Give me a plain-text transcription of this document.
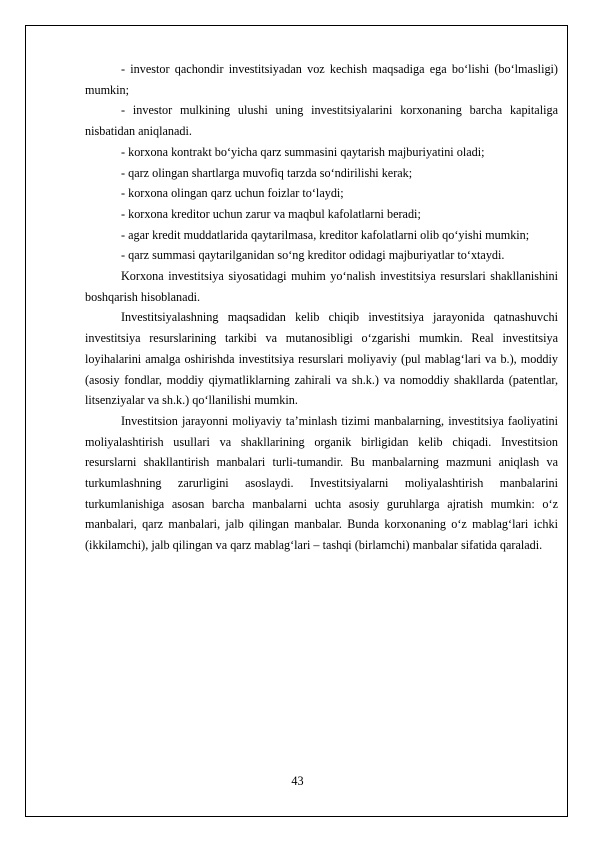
- investor qachondir investitsiyadan voz kechish maqsadiga ega bo‘lishi (bo‘lmasligi) mumkin;

- investor mulkining ulushi uning investitsiyalarini korxonaning barcha kapitaliga nisbatidan aniqlanadi.

- korxona kontrakt bo‘yicha qarz summasini qaytarish majburiyatini oladi;

- qarz olingan shartlarga muvofiq tarzda so‘ndirilishi kerak;

- korxona olingan qarz uchun foizlar to‘laydi;

- korxona kreditor uchun zarur va maqbul kafolatlarni beradi;

- agar kredit muddatlarida qaytarilmasa, kreditor kafolatlarni olib qo‘yishi mumkin;

- qarz summasi qaytarilganidan so‘ng kreditor odidagi majburiyatlar to‘xtaydi.

Korxona investitsiya siyosatidagi muhim yo‘nalish investitsiya resurslari shakllanishini boshqarish hisoblanadi.

Investitsiyalashning maqsadidan kelib chiqib investitsiya jarayonida qatnashuvchi investitsiya resurslarining tarkibi va mutanosibligi o‘zgarishi mumkin. Real investitsiya loyihalarini amalga oshirishda investitsiya resurslari moliyaviy (pul mablag‘lari va b.), moddiy (asosiy fondlar, moddiy qiymatliklarning zahirali va sh.k.) va nomoddiy shakllarda (patentlar, litsenziyalar va sh.k.) qo‘llanilishi mumkin.

Investitsion jarayonni moliyaviy ta’minlash tizimi manbalarning, investitsiya faoliyatini moliyalashtirish usullari va shakllarining organik birligidan kelib chiqadi. Investitsion resurslarni shakllantirish manbalari turli-tumandir. Bu manbalarning mazmuni aniqlash va turkumlashning zarurligini asoslaydi. Investitsiyalarni moliyalashtirish manbalarini turkumlanishiga asosan barcha manbalarni uchta asosiy guruhlarga ajratish mumkin: o‘z manbalari, qarz manbalari, jalb qilingan manbalar. Bunda korxonaning o‘z mablag‘lari ichki (ikkilamchi), jalb qilingan va qarz mablag‘lari – tashqi (birlamchi) manbalar sifatida qaraladi.

43
